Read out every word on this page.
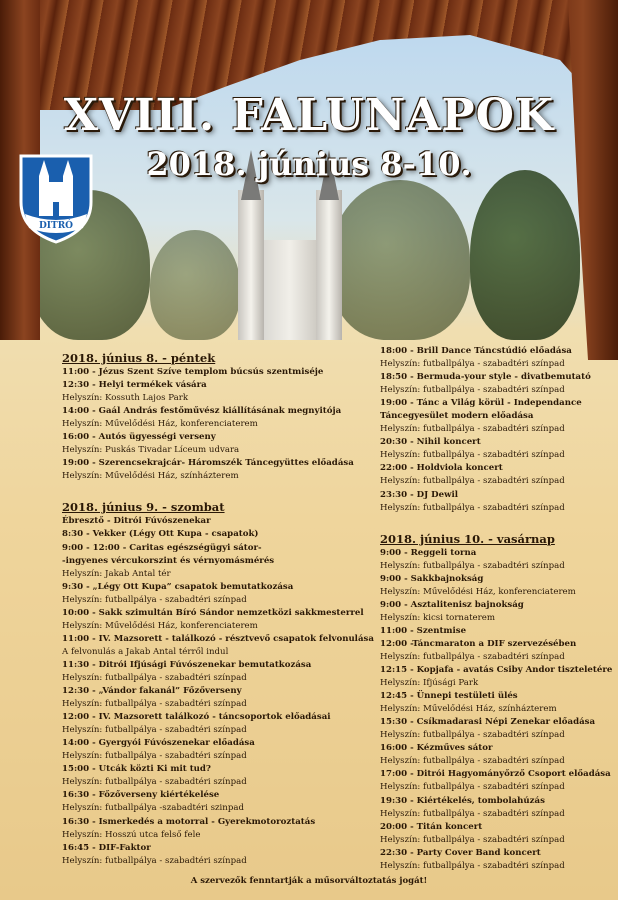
XVIII. FALUNAPOK
2018. június 8-10.
DITRÓ
2018. június 8. - péntek
11:00 - Jézus Szent Szíve templom búcsús szentmiséje
12:30 - Helyi termékek vására
Helyszín: Kossuth Lajos Park
14:00 - Gaál András festőművész kiállításának megnyitója
Helyszín: Művelődési Ház, konferenciaterem
16:00 - Autós ügyességi verseny
Helyszín: Puskás Tivadar Líceum udvara
19:00 - Szerencsekrajcár- Háromszék Táncegyüttes előadása
Helyszín: Művelődési Ház, színházterem
2018. június 9. - szombat
Ébresztő - Ditrói Fúvószenekar
8:30 - Vekker (Légy Ott Kupa - csapatok)
9:00 - 12:00 - Caritas egészségügyi sátor-
-ingyenes vércukorszint és vérnyomásmérés
Helyszín: Jakab Antal tér
9:30 - „Légy Ott Kupa” csapatok bemutatkozása
Helyszín: futballpálya - szabadtéri színpad
10:00 - Sakk szimultán Bíró Sándor nemzetközi sakkmesterrel
Helyszín: Művelődési Ház, konferenciaterem
11:00 - IV. Mazsorett - találkozó - résztvevő csapatok felvonulása
A felvonulás a Jakab Antal térről indul
11:30 - Ditrói Ifjúsági Fúvószenekar bemutatkozása
Helyszín: futballpálya - szabadtéri színpad
12:30 - „Vándor fakanál” Főzőverseny
Helyszín: futballpálya - szabadtéri színpad
12:00 - IV. Mazsorett találkozó - táncsoportok előadásai
Helyszín: futballpálya - szabadtéri színpad
14:00 - Gyergyói Fúvószenekar előadása
Helyszín: futballpálya - szabadtéri színpad
15:00 - Utcák közti Ki mit tud?
Helyszín: futballpálya - szabadtéri színpad
16:30 - Főzőverseny kiértékelése
Helyszín: futballpálya -szabadtéri szinpad
16:30 - Ismerkedés a motorral - Gyerekmotoroztatás
Helyszín: Hosszú utca felső fele
16:45 - DIF-Faktor
Helyszín: futballpálya - szabadtéri színpad
18:00 - Brill Dance Táncstúdió előadása
Helyszín: futballpálya - szabadtéri színpad
18:50 - Bermuda-your style - divatbemutató
Helyszín: futballpálya - szabadtéri színpad
19:00 - Tánc a Világ körül - Independance
Táncegyesület modern előadása
Helyszín: futballpálya - szabadtéri színpad
20:30 - Nihil koncert
Helyszín: futballpálya - szabadtéri színpad
22:00 - Holdviola koncert
Helyszín: futballpálya - szabadtéri színpad
23:30 - DJ Dewil
Helyszín: futballpálya - szabadtéri színpad
2018. június 10. - vasárnap
9:00 - Reggeli torna
Helyszín: futballpálya - szabadtéri színpad
9:00 - Sakkbajnokság
Helyszín: Művelődési Ház, konferenciaterem
9:00 - Asztalitenisz bajnokság
Helyszín: kicsi tornaterem
11:00 - Szentmise
12:00 -Táncmaraton a DIF szervezésében
Helyszín: futballpálya - szabadtéri színpad
12:15 - Kopjafa - avatás Csiby Andor tiszteletére
Helyszín: Ifjúsági Park
12:45 - Ünnepi testületi ülés
Helyszín: Művelődési Ház, színházterem
15:30 - Csíkmadarasi Népi Zenekar előadása
Helyszín: futballpálya - szabadtéri színpad
16:00 - Kézműves sátor
Helyszín: futballpálya - szabadtéri színpad
17:00 - Ditrói Hagyományőrző Csoport előadása
Helyszín: futballpálya - szabadtéri színpad
19:30 - Kiértékelés, tombolahúzás
Helyszín: futballpálya - szabadtéri színpad
20:00 - Titán koncert
Helyszín: futballpálya - szabadtéri színpad
22:30 - Party Cover Band koncert
Helyszín: futballpálya - szabadtéri színpad
A szervezők fenntartják a műsorváltoztatás jogát!
